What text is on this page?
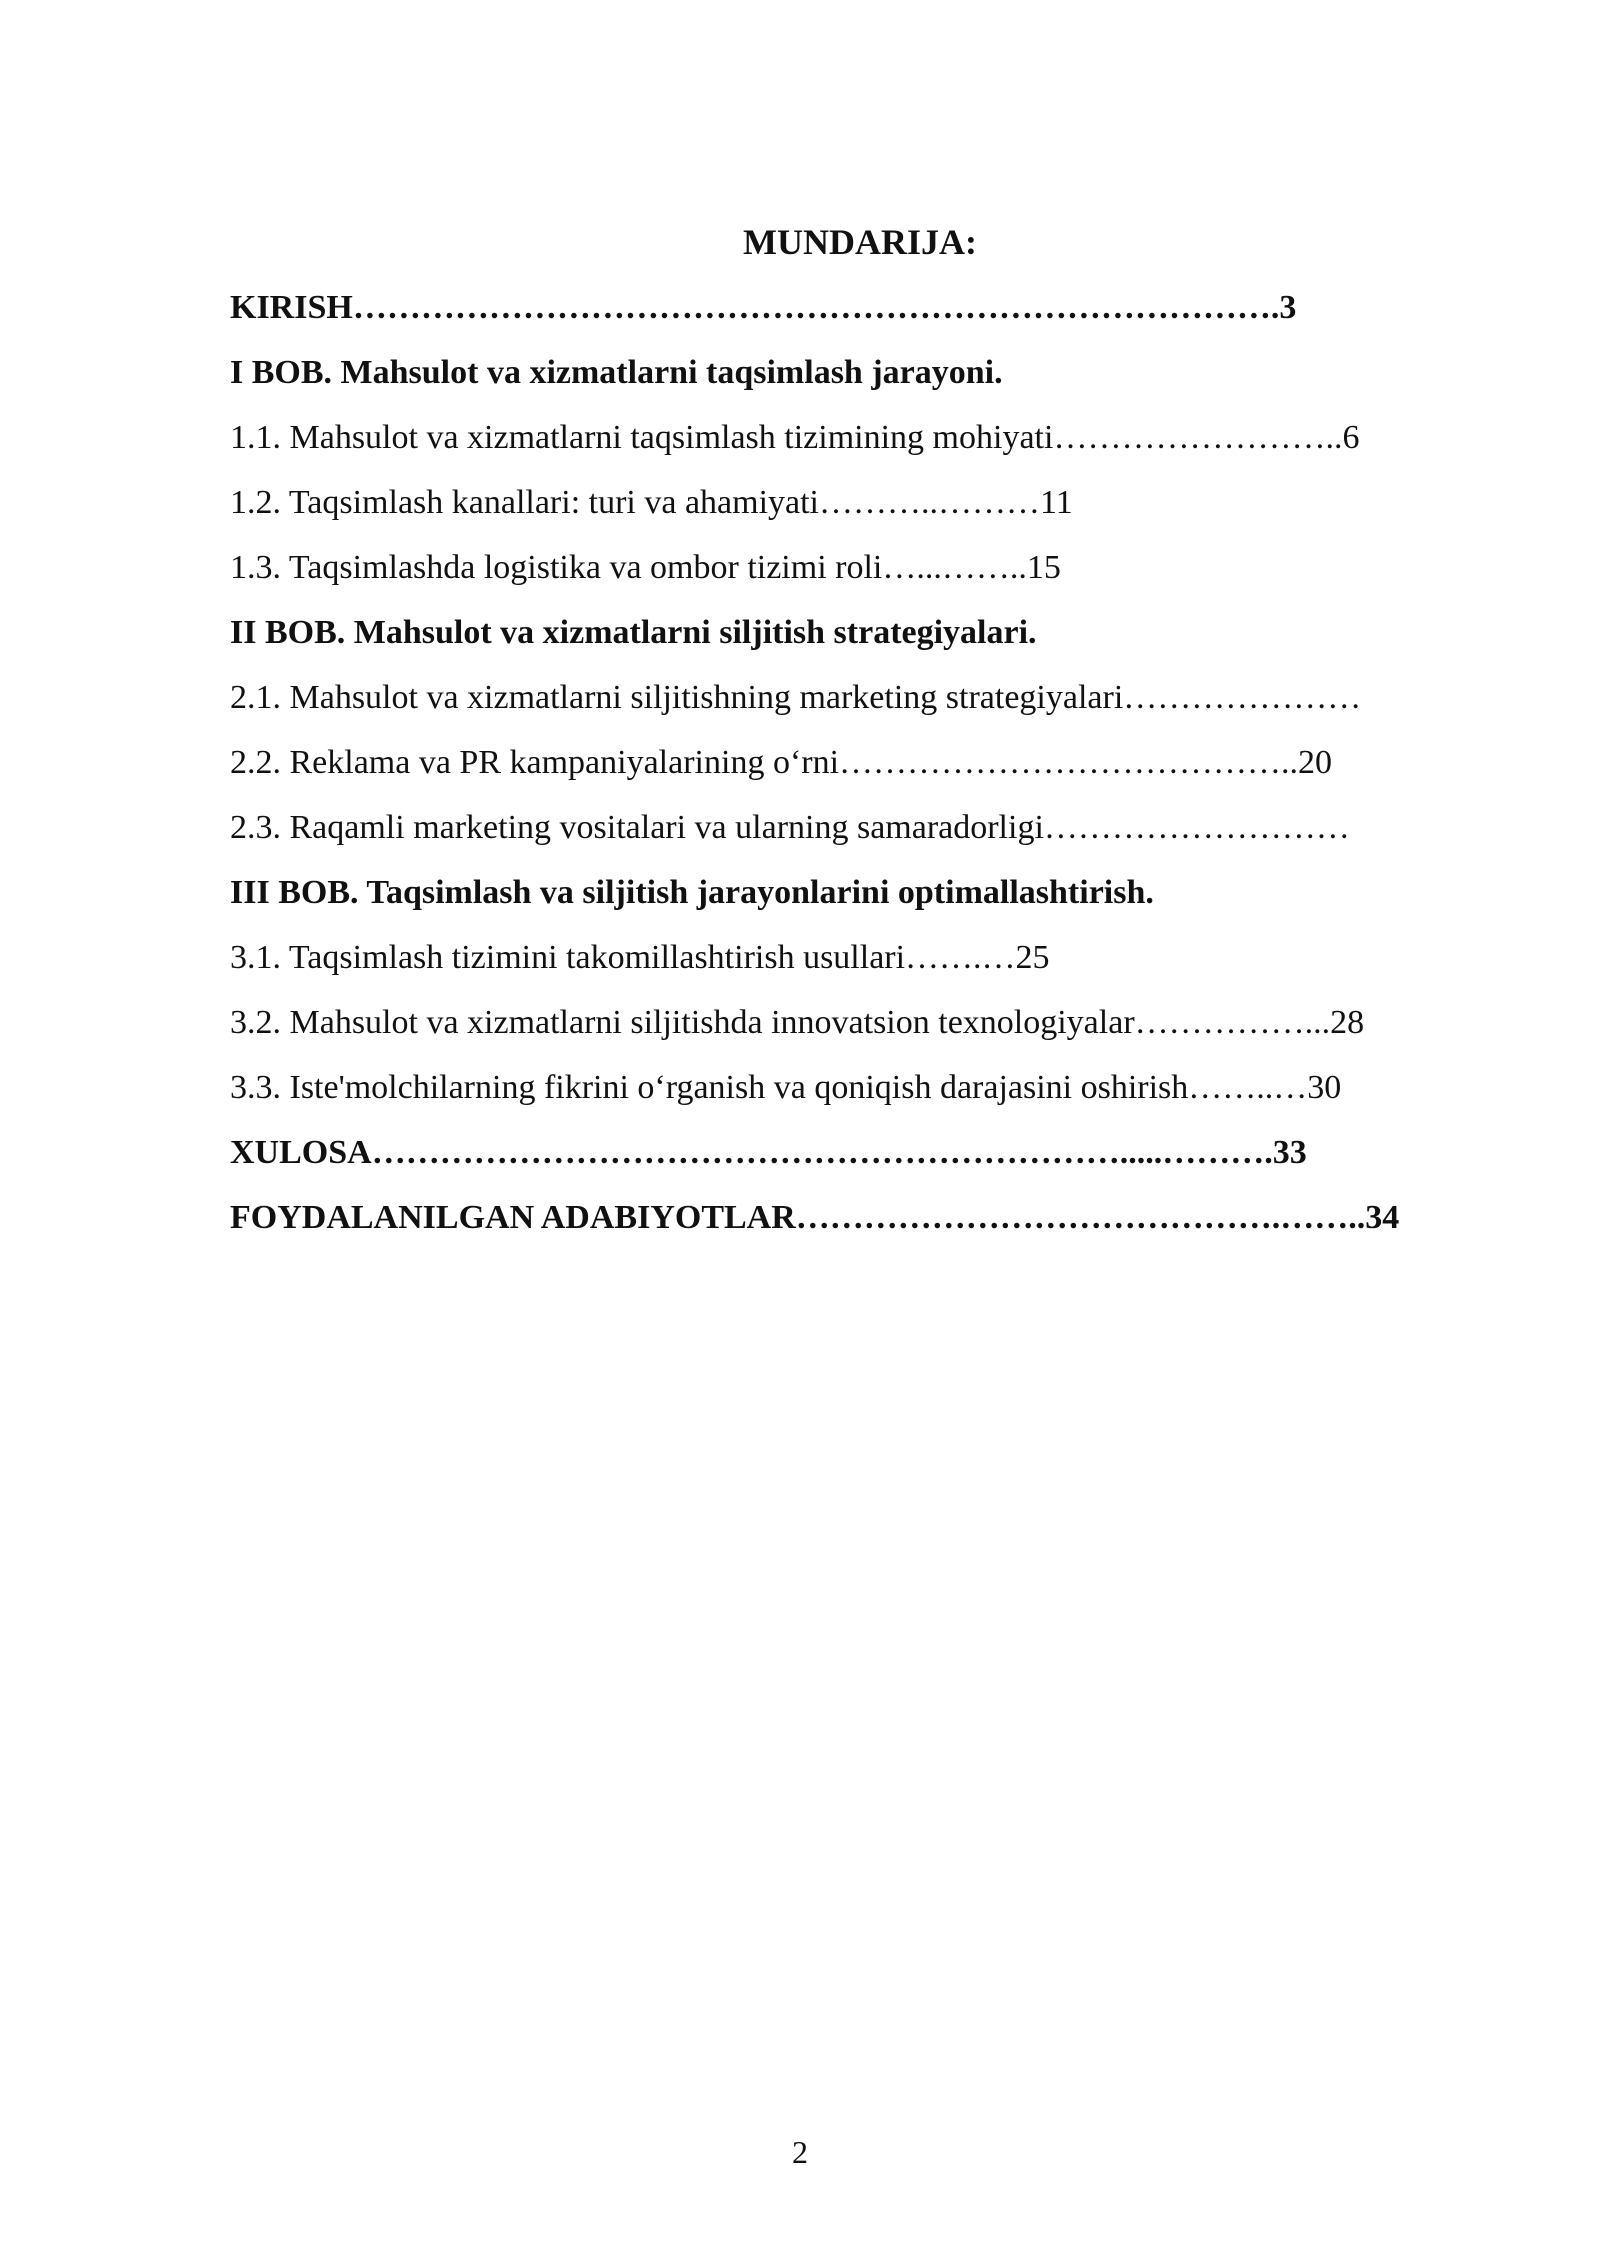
MUNDARIJA:
KIRISH……………………………………………………………………….3
I BOB. Mahsulot va xizmatlarni taqsimlash jarayoni.
1.1. Mahsulot va xizmatlarni taqsimlash tizimining mohiyati……………………..6
1.2. Taqsimlash kanallari: turi va ahamiyati………..………11
1.3. Taqsimlashda logistika va ombor tizimi roli…...……..15
II BOB. Mahsulot va xizmatlarni siljitish strategiyalari.
2.1. Mahsulot va xizmatlarni siljitishning marketing strategiyalari…………………
2.2. Reklama va PR kampaniyalarining o‘rni…………………………………..20
2.3. Raqamli marketing vositalari va ularning samaradorligi………………………
III BOB. Taqsimlash va siljitish jarayonlarini optimallashtirish.
3.1. Taqsimlash tizimini takomillashtirish usullari…….…25
3.2. Mahsulot va xizmatlarni siljitishda innovatsion texnologiyalar……………...28
3.3. Iste'molchilarning fikrini o‘rganish va qoniqish darajasini oshirish……..…30
XULOSA………………………………………………………….....……….33
FOYDALANILGAN ADABIYOTLAR…………………………………….……..34
2
